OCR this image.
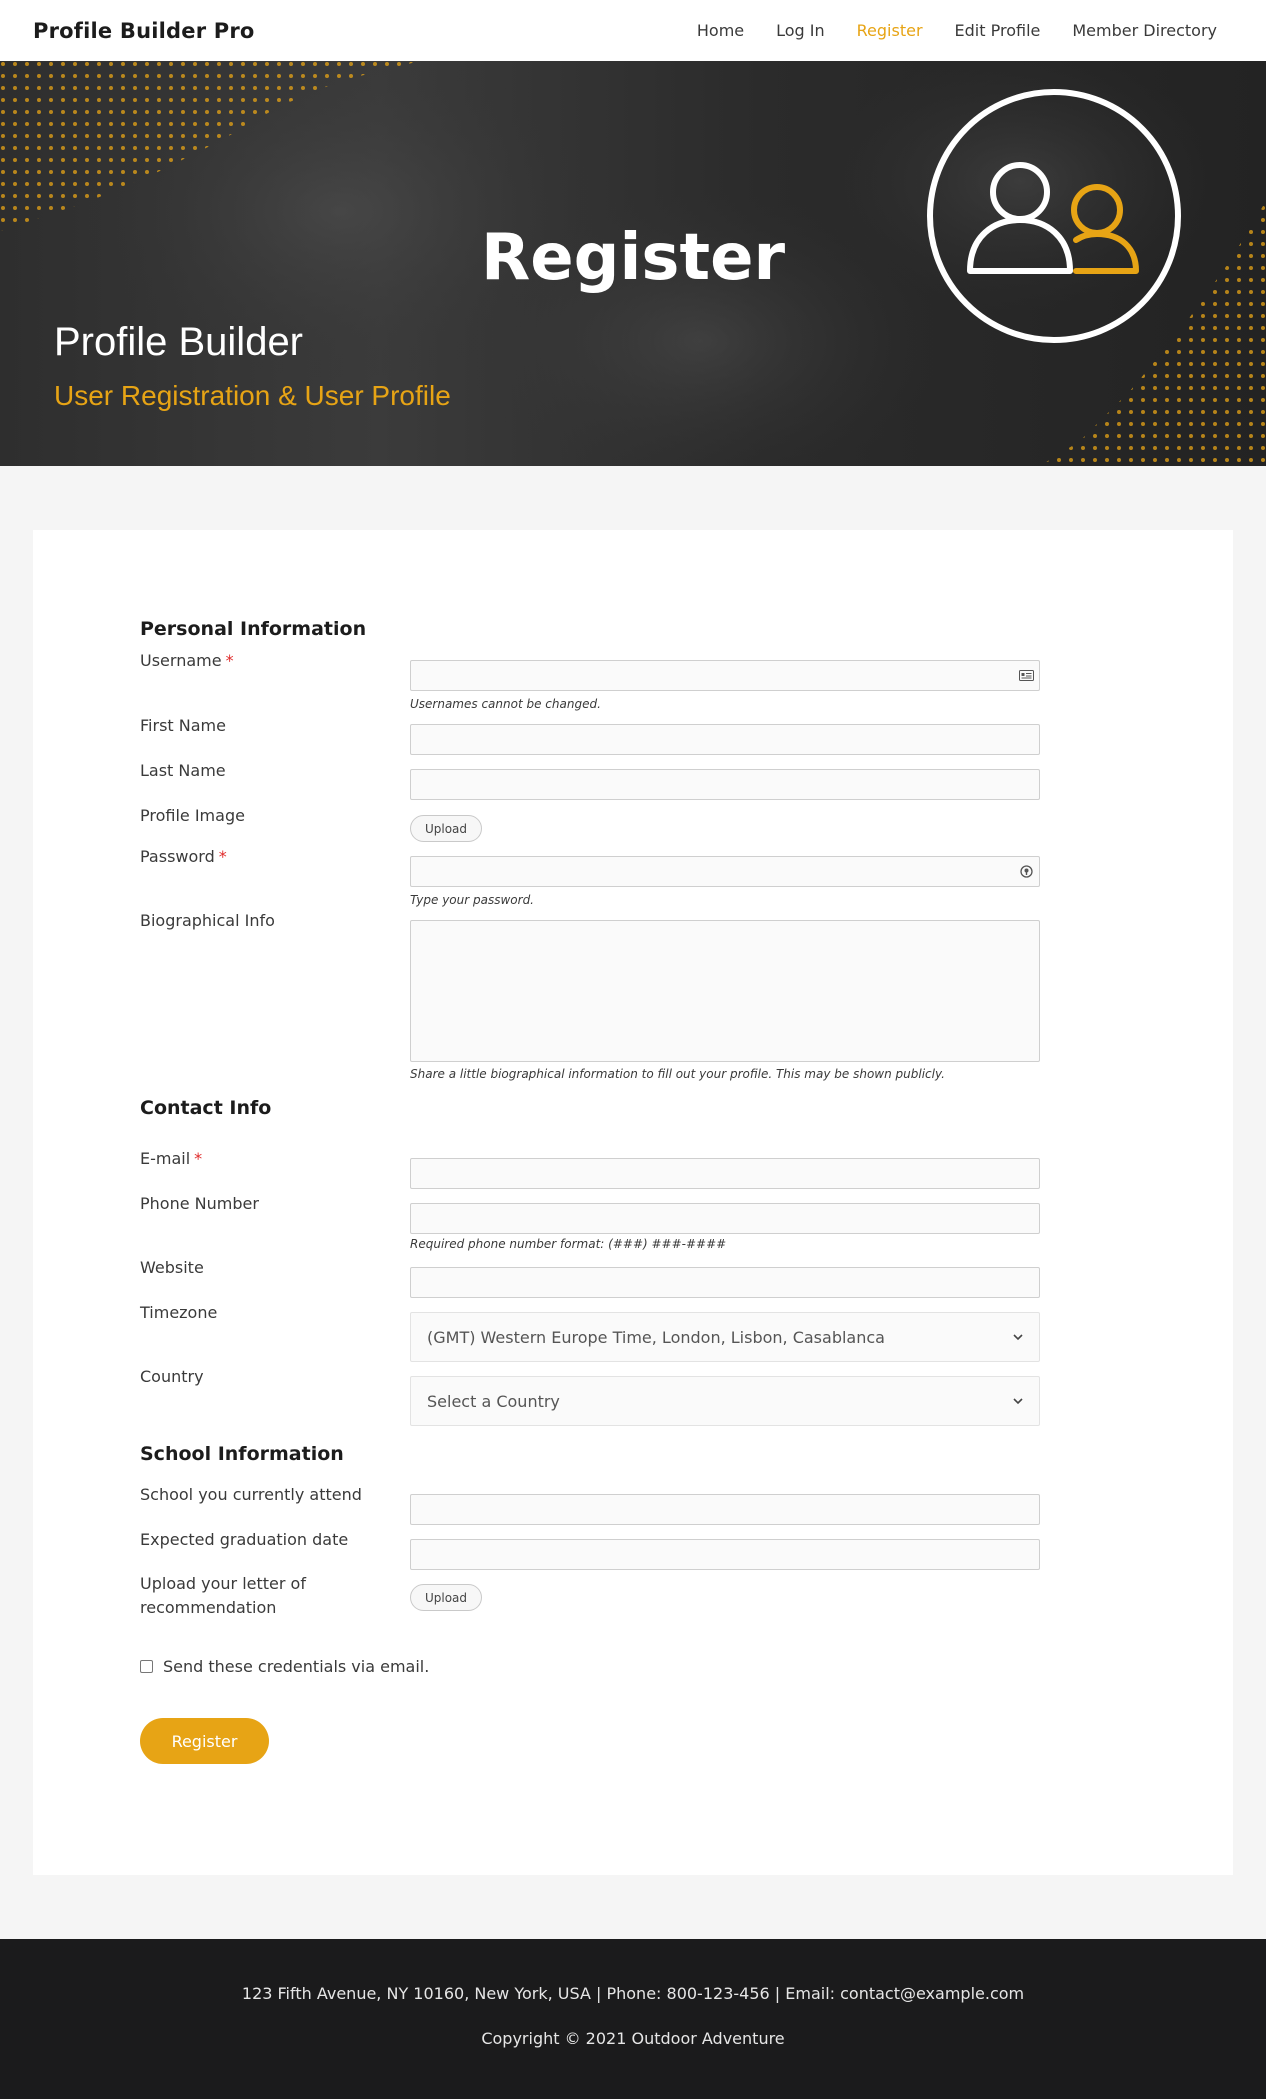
Profile Builder Pro	Home Log In Register Edit Profile Member Directory
Register
Profile Builder
User Registration & User Profile
Personal Information
Username *
Usernames cannot be changed.
First Name
Last Name
Profile Image
Upload
Password *
Type your password.
Biographical Info
Share a little biographical information to fill out your profile. This may be shown publicly.
Contact Info
E-mail *
Phone Number
Required phone number format: (###) ###-####
Website
Timezone
(GMT) Western Europe Time, London, Lisbon, Casablanca
Country
Select a Country
School Information
School you currently attend
Expected graduation date
Upload your letter of recommendation
Upload
Send these credentials via email.
Register
123 Fifth Avenue, NY 10160, New York, USA | Phone: 800-123-456 | Email: contact@example.com
Copyright © 2021 Outdoor Adventure
